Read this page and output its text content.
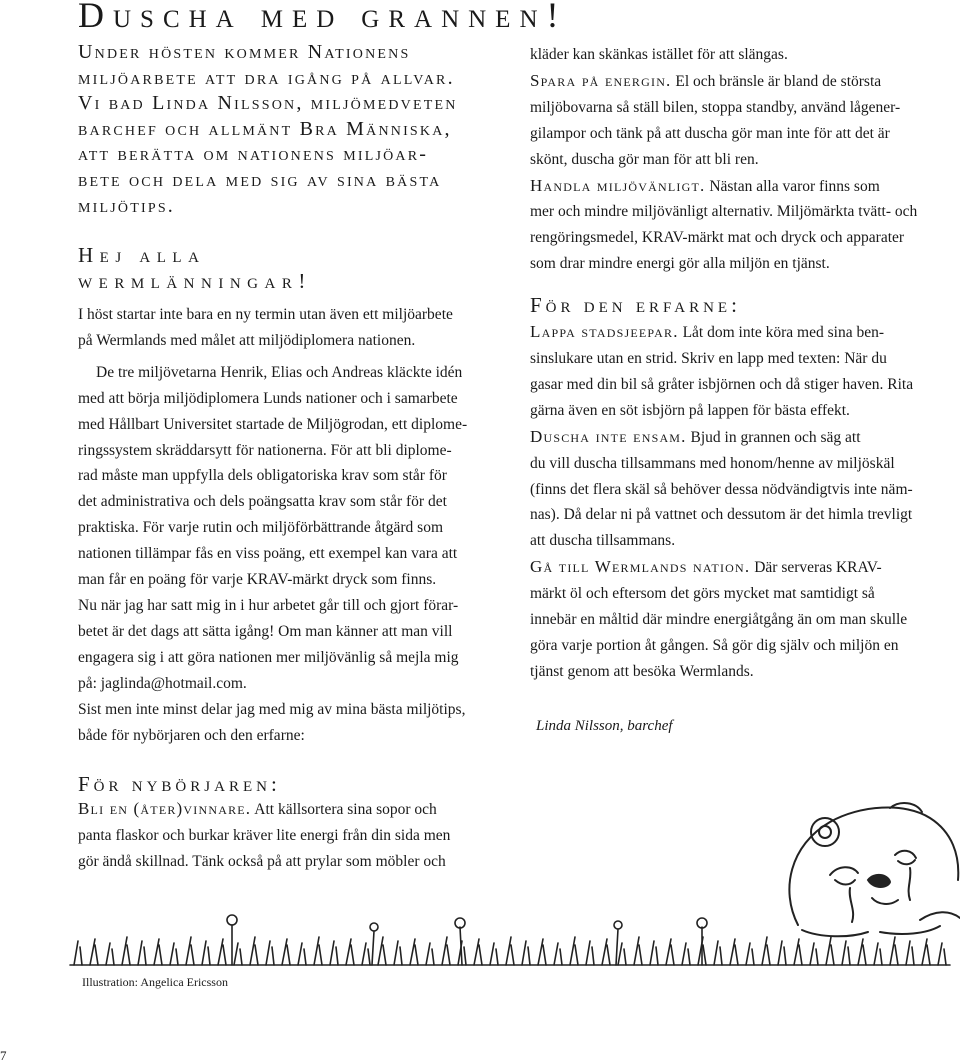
Duscha med grannen!
Under hösten kommer Nationens
miljöarbete att dra igång på allvar.
Vi bad Linda Nilsson, miljömedveten
barchef och allmänt Bra Människa,
att berätta om nationens miljöar-
bete och dela med sig av sina bästa
miljötips.
Hej alla
wermlänningar!
I höst startar inte bara en ny termin utan även ett miljöarbete
på Wermlands med målet att miljödiplomera nationen.
De tre miljövetarna Henrik, Elias och Andreas kläckte idén
med att börja miljödiplomera Lunds nationer och i samarbete
med Hållbart Universitet startade de Miljögrodan, ett diplome-
ringssystem skräddarsytt för nationerna. För att bli diplome-
rad måste man uppfylla dels obligatoriska krav som står för
det administrativa och dels poängsatta krav som står för det
praktiska. För varje rutin och miljöförbättrande åtgärd som
nationen tillämpar fås en viss poäng, ett exempel kan vara att
man får en poäng för varje KRAV-märkt dryck som finns.
Nu när jag har satt mig in i hur arbetet går till och gjort förar-
betet är det dags att sätta igång! Om man känner att man vill
engagera sig i att göra nationen mer miljövänlig så mejla mig
på: jaglinda@hotmail.com.
Sist men inte minst delar jag med mig av mina bästa miljötips,
både för nybörjaren och den erfarne:
För nybörjaren:
Bli en (åter)vinnare. Att källsortera sina sopor och
panta flaskor och burkar kräver lite energi från din sida men
gör ändå skillnad. Tänk också på att prylar som möbler och
kläder kan skänkas istället för att slängas.
Spara på energin. El och bränsle är bland de största
miljöbovarna så ställ bilen, stoppa standby, använd lågener-
gilampor och tänk på att duscha gör man inte för att det är
skönt, duscha gör man för att bli ren.
Handla miljövänligt. Nästan alla varor finns som
mer och mindre miljövänligt alternativ. Miljömärkta tvätt- och
rengöringsmedel, KRAV-märkt mat och dryck och apparater
som drar mindre energi gör alla miljön en tjänst.
För den erfarne:
Lappa stadsjeepar. Låt dom inte köra med sina ben-
sinslukare utan en strid. Skriv en lapp med texten: När du
gasar med din bil så gråter isbjörnen och då stiger haven. Rita
gärna även en söt isbjörn på lappen för bästa effekt.
Duscha inte ensam. Bjud in grannen och säg att
du vill duscha tillsammans med honom/henne av miljöskäl
(finns det flera skäl så behöver dessa nödvändigtvis inte näm-
nas). Då delar ni på vattnet och dessutom är det himla trevligt
att duscha tillsammans.
Gå till Wermlands nation. Där serveras KRAV-
märkt öl och eftersom det görs mycket mat samtidigt så
innebär en måltid där mindre energiåtgång än om man skulle
göra varje portion åt gången. Så gör dig själv och miljön en
tjänst genom att besöka Wermlands.
Linda Nilsson, barchef
Illustration: Angelica Ericsson
7
